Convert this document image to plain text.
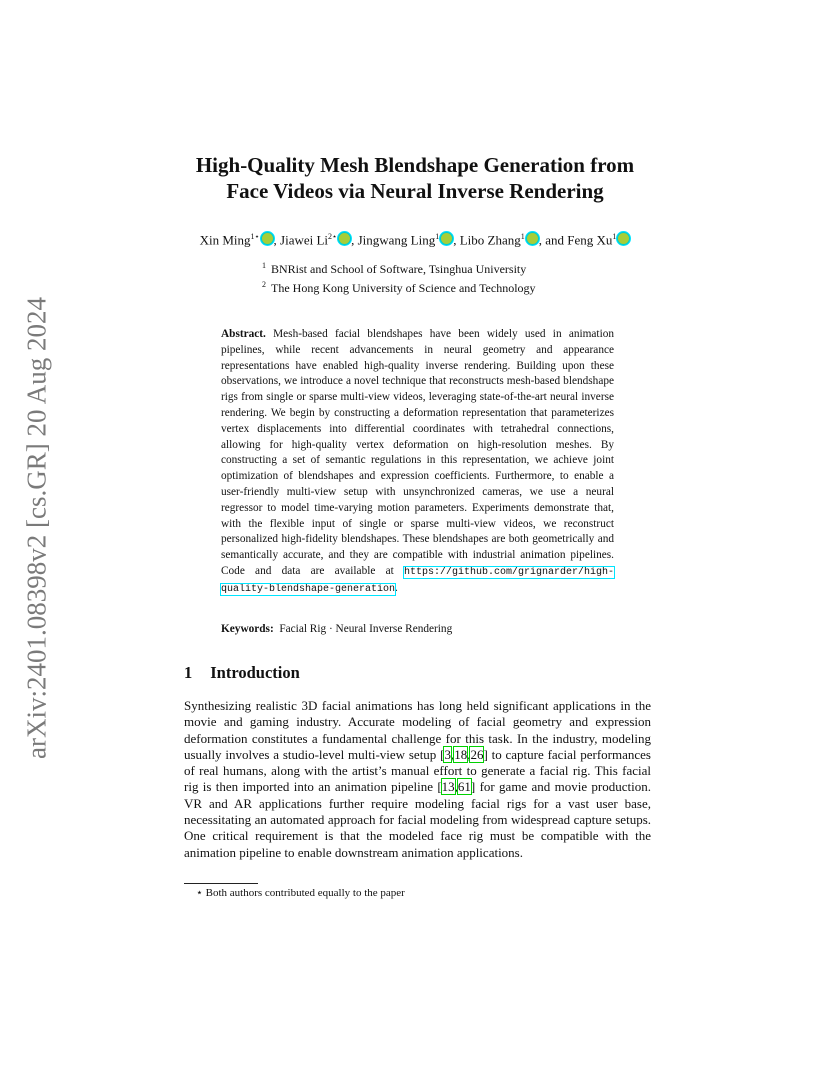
arXiv:2401.08398v2 [cs.GR] 20 Aug 2024
High-Quality Mesh Blendshape Generation from
Face Videos via Neural Inverse Rendering
Xin Ming$^{1⋆}$ , Jiawei $Li^{2⋆}$ , Jingwang Ling$^1$ , Libo Zhang$^1$ , and Feng Xu$^1$
$^1$ BNRist and School of Software, Tsinghua University
$^2$ The Hong Kong University of Science and Technology
Abstract. Mesh-based facial blendshapes have been widely used in animation pipelines, while recent advancements in neural geometry and appearance representations have enabled high-quality inverse rendering. Building upon these observations, we introduce a novel technique that reconstructs mesh-based blendshape rigs from single or sparse multi-view videos, leveraging state-of-the-art neural inverse rendering. We begin by constructing a deformation representation that parameterizes vertex displacements into differential coordinates with tetrahedral connections, allowing for high-quality vertex deformation on high-resolution meshes. By constructing a set of semantic regulations in this representation, we achieve joint optimization of blendshapes and expression coefficients. Furthermore, to enable a user-friendly multi-view setup with unsynchronized cameras, we use a neural regressor to model time-varying motion parameters. Experiments demonstrate that, with the flexible input of single or sparse multi-view videos, we reconstruct personalized high-fidelity blendshapes. These blendshapes are both geometrically and semantically accurate, and they are compatible with industrial animation pipelines. Code and data are available at https://github.com/grignarder/high-quality-blendshape-generation.
Keywords: Facial Rig · Neural Inverse Rendering
1 Introduction
Synthesizing realistic 3D facial animations has long held significant applications in the movie and gaming industry. Accurate modeling of facial geometry and expression deformation constitutes a fundamental challenge for this task. In the industry, modeling usually involves a studio-level multi-view setup [3,18,26] to capture facial performances of real humans, along with the artist’s manual effort to generate a facial rig. This facial rig is then imported into an animation pipeline [13,61] for game and movie production. VR and AR applications further require modeling facial rigs for a vast user base, necessitating an automated approach for facial modeling from widespread capture setups. One critical requirement is that the modeled face rig must be compatible with the animation pipeline to enable downstream animation applications.
⋆ Both authors contributed equally to the paper
